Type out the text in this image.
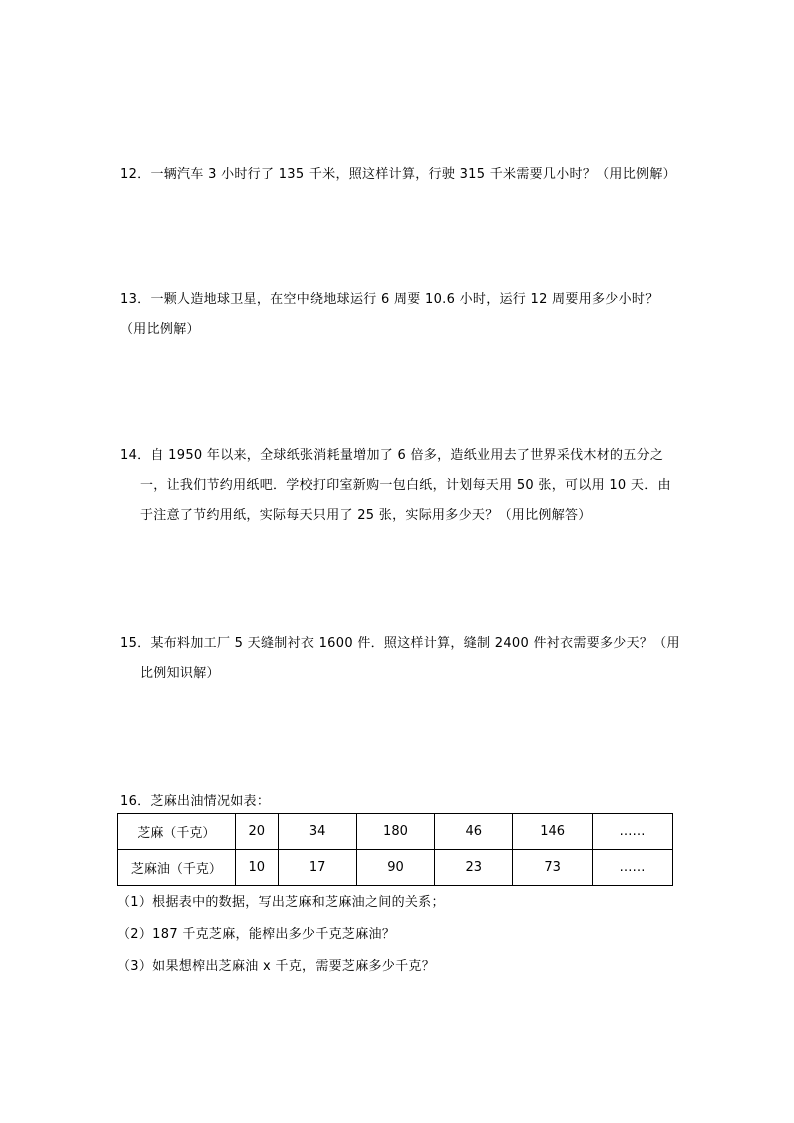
12．一辆汽车 3 小时行了 135 千米，照这样计算，行驶 315 千米需要几小时？（用比例解）

13．一颗人造地球卫星，在空中绕地球运行 6 周要 10.6 小时，运行 12 周要用多少小时？

（用比例解）

14．自 1950 年以来，全球纸张消耗量增加了 6 倍多，造纸业用去了世界采伐木材的五分之

一，让我们节约用纸吧．学校打印室新购一包白纸，计划每天用 50 张，可以用 10 天．由

于注意了节约用纸，实际每天只用了 25 张，实际用多少天？（用比例解答）

15．某布料加工厂 5 天缝制衬衣 1600 件．照这样计算，缝制 2400 件衬衣需要多少天？（用

比例知识解）

16．芝麻出油情况如表：

芝麻（千克）	20	34	180	46	146	……
芝麻油（千克）	10	17	90	23	73	……
（1）根据表中的数据，写出芝麻和芝麻油之间的关系；
（2）187 千克芝麻，能榨出多少千克芝麻油？
（3）如果想榨出芝麻油 x 千克，需要芝麻多少千克？
